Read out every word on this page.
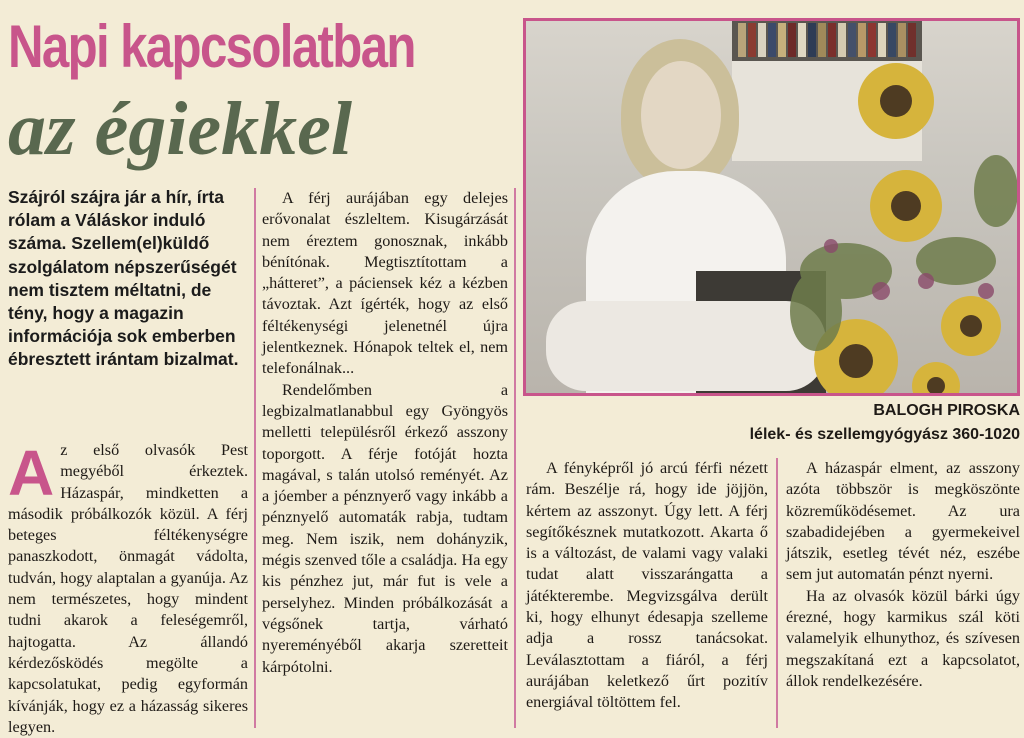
Napi kapcsolatban
az égiekkel
Szájról szájra jár a hír, írta rólam a Váláskor induló száma. Szellem(el)küldő szolgálatom népszerűségét nem tisztem méltatni, de tény, hogy a magazin információja sok emberben ébresztett irántam bizalmat.

Az első olvasók Pest megyéből érkeztek. Házaspár, mindketten a második próbálkozók közül. A férj beteges féltékenységre panaszkodott, önmagát vádolta, tudván, hogy alaptalan a gyanúja. Az nem természetes, hogy mindent tudni akarok a feleségemről, hajtogatta. Az állandó kérdezősködés megölte a kapcsolatukat, pedig egyformán kívánják, hogy ez a házasság sikeres legyen.

A férj aurájában egy delejes erővonalat észleltem. Kisugárzását nem éreztem gonosznak, inkább bénítónak. Megtisztítottam a „hátteret”, a páciensek kéz a kézben távoztak. Azt ígérték, hogy az első féltékenységi jelenetnél újra jelentkeznek. Hónapok teltek el, nem telefonálnak...

Rendelőmben a legbizalmatlanabbul egy Gyöngyös melletti településről érkező asszony toporgott. A férje fotóját hozta magával, s talán utolsó reményét. Az a jóember a pénznyerő vagy inkább a pénznyelő automaták rabja, tudtam meg. Nem iszik, nem dohányzik, mégis szenved tőle a családja. Ha egy kis pénzhez jut, már fut is vele a perselyhez. Minden próbálkozását a végsőnek tartja, várható nyereményéből akarja szeretteit kárpótolni.

BALOGH PIROSKA
lélek- és szellemgyógyász 360-1020

A fényképről jó arcú férfi nézett rám. Beszélje rá, hogy ide jöjjön, kértem az asszonyt. Úgy lett. A férj segítőkésznek mutatkozott. Akarta ő is a változást, de valami vagy valaki tudat alatt visszarángatta a játékterembe. Megvizsgálva derült ki, hogy elhunyt édesapja szelleme adja a rossz tanácsokat. Leválasztottam a fiáról, a férj aurájában keletkező űrt pozitív energiával töltöttem fel.

A házaspár elment, az asszony azóta többször is megköszönte közreműködésemet. Az ura szabadidejében a gyermekeivel játszik, esetleg tévét néz, eszébe sem jut automatán pénzt nyerni.

Ha az olvasók közül bárki úgy érezné, hogy karmikus szál köti valamelyik elhunythoz, és szívesen megszakítaná ezt a kapcsolatot, állok rendelkezésére.
